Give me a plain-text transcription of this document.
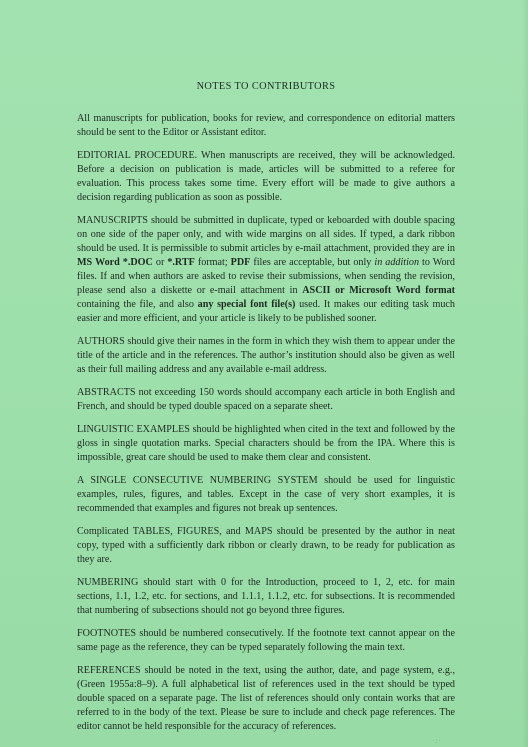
NOTES TO CONTRIBUTORS

All manuscripts for publication, books for review, and correspondence on editorial matters should be sent to the Editor or Assistant editor.

EDITORIAL PROCEDURE. When manuscripts are received, they will be acknowledged. Before a decision on publication is made, articles will be submitted to a referee for evaluation. This process takes some time. Every effort will be made to give authors a decision regarding publication as soon as possible.

MANUSCRIPTS should be submitted in duplicate, typed or keboarded with double spacing on one side of the paper only, and with wide margins on all sides. If typed, a dark ribbon should be used. It is permissible to submit articles by e-mail attachment, provided they are in MS Word *.DOC or *.RTF format; PDF files are acceptable, but only in addition to Word files. If and when authors are asked to revise their submissions, when sending the revision, please send also a diskette or e-mail attachment in ASCII or Microsoft Word format containing the file, and also any special font file(s) used. It makes our editing task much easier and more efficient, and your article is likely to be published sooner.

AUTHORS should give their names in the form in which they wish them to appear under the title of the article and in the references. The author’s institution should also be given as well as their full mailing address and any available e-mail address.

ABSTRACTS not exceeding 150 words should accompany each article in both English and French, and should be typed double spaced on a separate sheet.

LINGUISTIC EXAMPLES should be highlighted when cited in the text and followed by the gloss in single quotation marks. Special characters should be from the IPA. Where this is impossible, great care should be used to make them clear and consistent.

A SINGLE CONSECUTIVE NUMBERING SYSTEM should be used for linguistic examples, rules, figures, and tables. Except in the case of very short examples, it is recommended that examples and figures not break up sentences.

Complicated TABLES, FIGURES, and MAPS should be presented by the author in neat copy, typed with a sufficiently dark ribbon or clearly drawn, to be ready for publication as they are.

NUMBERING should start with 0 for the Introduction, proceed to 1, 2, etc. for main sections, 1.1, 1.2, etc. for sections, and 1.1.1, 1.1.2, etc. for subsections. It is recommended that numbering of subsections should not go beyond three figures.

FOOTNOTES should be numbered consecutively. If the footnote text cannot appear on the same page as the reference, they can be typed separately following the main text.

REFERENCES should be noted in the text, using the author, date, and page system, e.g., (Green 1955a:8–9). A full alphabetical list of references used in the text should be typed double spaced on a separate page. The list of references should only contain works that are referred to in the body of the text. Please be sure to include and check page references. The editor cannot be held responsible for the accuracy of references.

·:·
